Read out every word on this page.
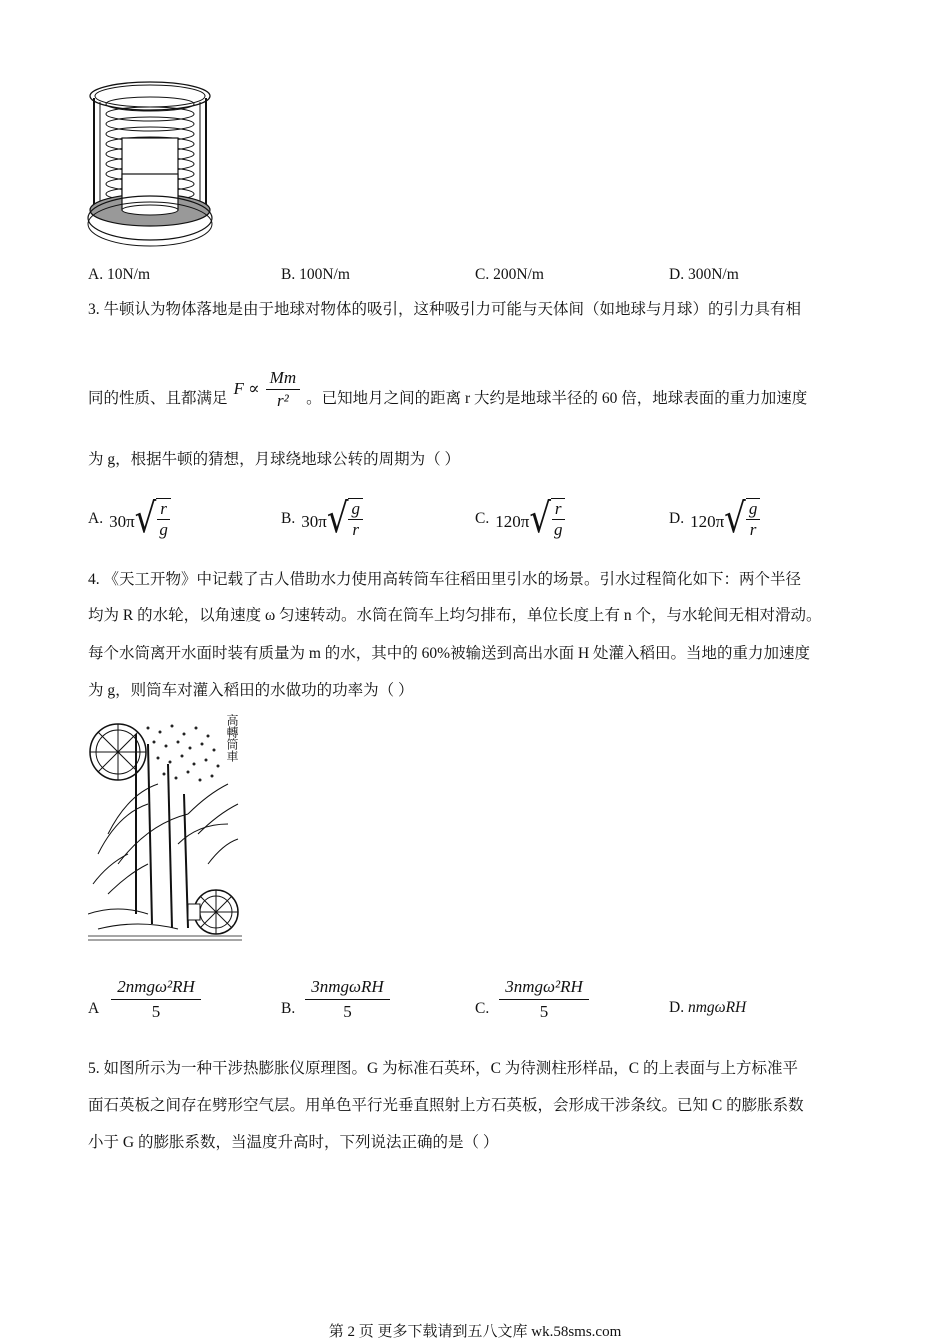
A. 10N/m	B. 100N/m	C. 200N/m	D. 300N/m
3. 牛顿认为物体落地是由于地球对物体的吸引，这种吸引力可能与天体间（如地球与月球）的引力具有相
同的性质、且都满足
$F \propto \frac{Mm}{\text{r²}}$ 。已知地月之间的距离 r 大约是地球半径的 60 倍，地球表面的重力加速度
为 g，根据牛顿的猜想，月球绕地球公转的周期为（ ）
A. 30π √ $\frac{r}{g}$	B. 30π √ $\frac{g}{r}$	C. 120π √ $\frac{r}{g}$	D. 120π √ $\frac{g}{r}$
4. 《天工开物》中记载了古人借助水力使用高转筒车往稻田里引水的场景。引水过程简化如下：两个半径
均为 R 的水轮，以角速度 ω 匀速转动。水筒在筒车上均匀排布，单位长度上有 n 个，与水轮间无相对滑动。
每个水筒离开水面时装有质量为 m 的水，其中的 60%被输送到高出水面 H 处灌入稻田。当地的重力加速度
为 g，则筒车对灌入稻田的水做功的功率为（ ）
高轉筒車
A $\frac{\text{2nmgω²RH}}{5}$	B. $\frac{\text{3nmgωRH}}{5}$	C. $\frac{\text{3nmgω²RH}}{5}$	D. nmgωRH
5. 如图所示为一种干涉热膨胀仪原理图。G 为标准石英环，C 为待测柱形样品，C 的上表面与上方标准平
面石英板之间存在劈形空气层。用单色平行光垂直照射上方石英板，会形成干涉条纹。已知 C 的膨胀系数
小于 G 的膨胀系数，当温度升高时，下列说法正确的是（ ）
第 2 页 更多下载请到五八文库 wk.58sms.com
